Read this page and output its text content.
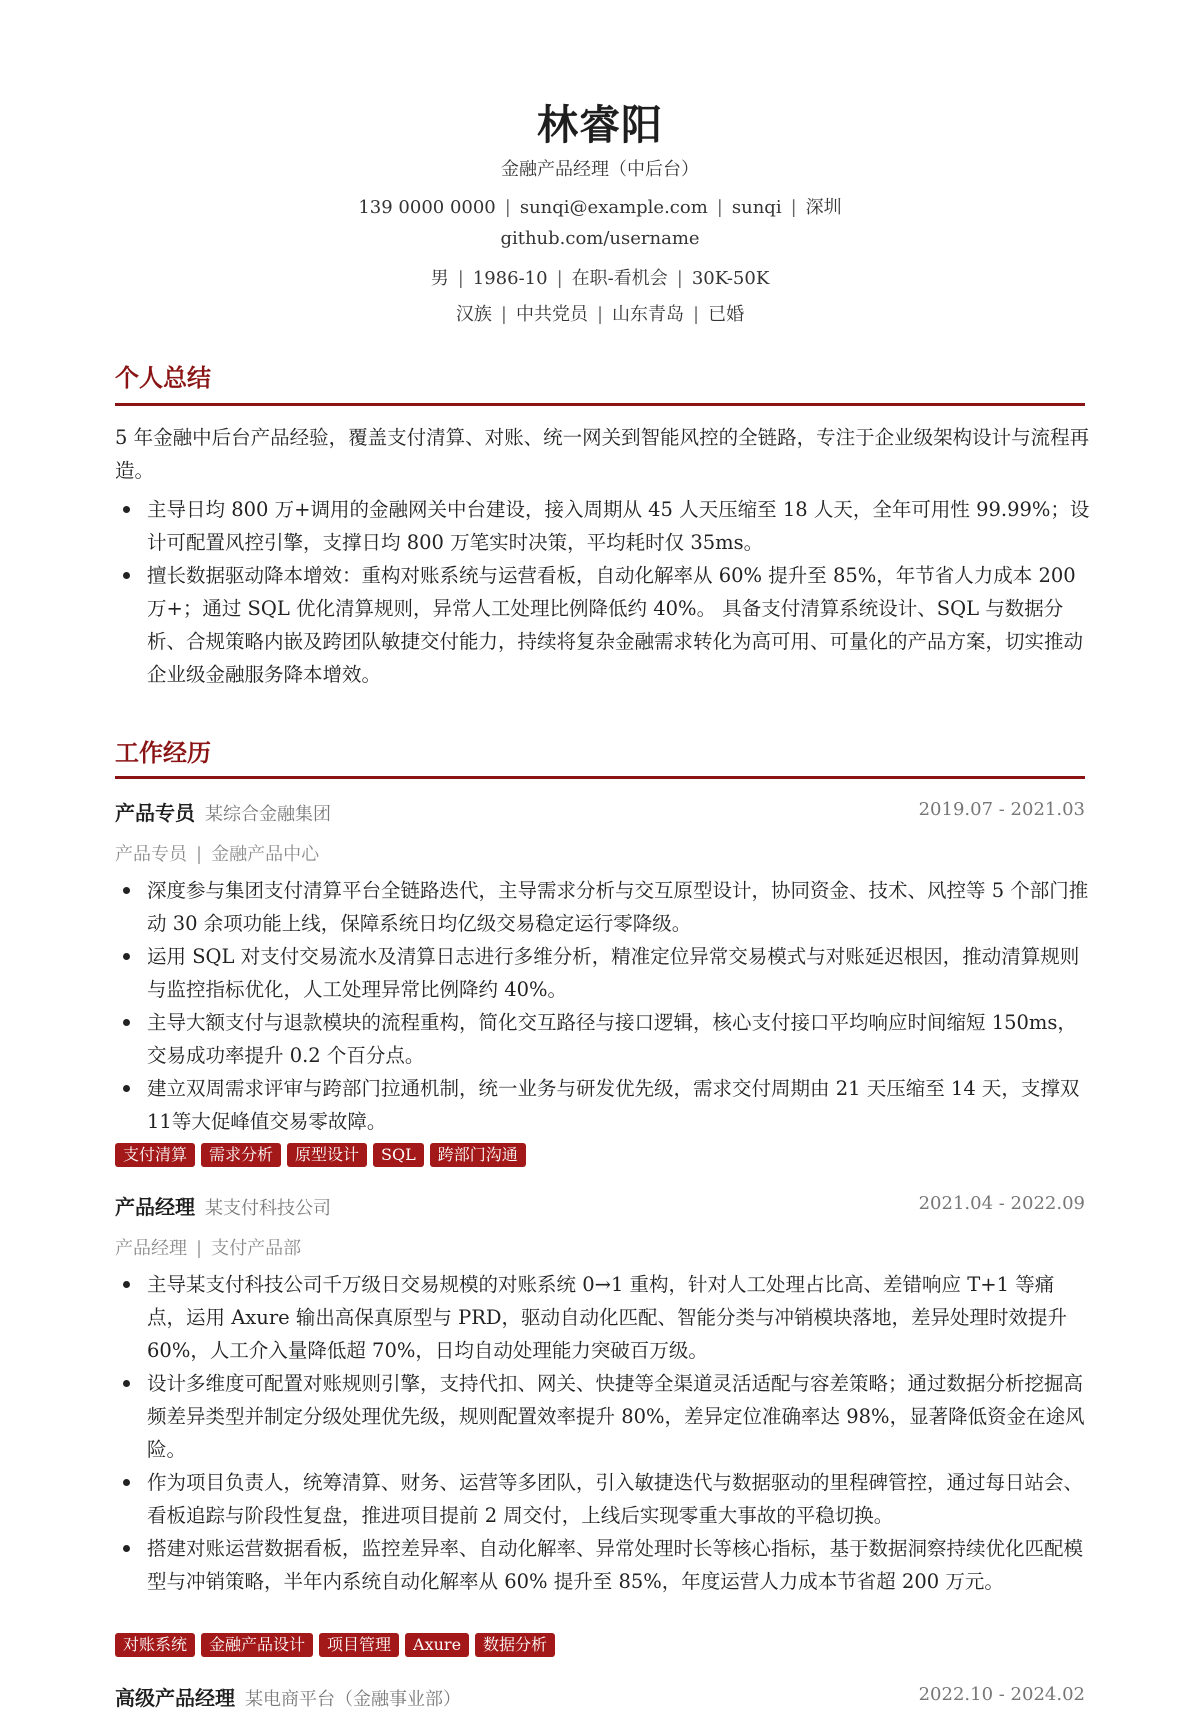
林睿阳
金融产品经理（中后台）
139 0000 0000 | sunqi@example.com | sunqi | 深圳
github.com/username
男 | 1986-10 | 在职-看机会 | 30K-50K
汉族 | 中共党员 | 山东青岛 | 已婚
个人总结
5 年金融中后台产品经验，覆盖支付清算、对账、统一网关到智能风控的全链路，专注于企业级架构设计与流程再造。
主导日均 800 万+调用的金融网关中台建设，接入周期从 45 人天压缩至 18 人天，全年可用性 99.99%；设计可配置风控引擎，支撑日均 800 万笔实时决策，平均耗时仅 35ms。
擅长数据驱动降本增效：重构对账系统与运营看板，自动化解率从 60% 提升至 85%，年节省人力成本 200 万+；通过 SQL 优化清算规则，异常人工处理比例降低约 40%。 具备支付清算系统设计、SQL 与数据分析、合规策略内嵌及跨团队敏捷交付能力，持续将复杂金融需求转化为高可用、可量化的产品方案，切实推动企业级金融服务降本增效。
工作经历
产品专员 某综合金融集团	2019.07 - 2021.03
产品专员 | 金融产品中心
深度参与集团支付清算平台全链路迭代，主导需求分析与交互原型设计，协同资金、技术、风控等 5 个部门推动 30 余项功能上线，保障系统日均亿级交易稳定运行零降级。
运用 SQL 对支付交易流水及清算日志进行多维分析，精准定位异常交易模式与对账延迟根因，推动清算规则与监控指标优化，人工处理异常比例降约 40%。
主导大额支付与退款模块的流程重构，简化交互路径与接口逻辑，核心支付接口平均响应时间缩短 150ms，交易成功率提升 0.2 个百分点。
建立双周需求评审与跨部门拉通机制，统一业务与研发优先级，需求交付周期由 21 天压缩至 14 天，支撑双11等大促峰值交易零故障。
支付清算	需求分析	原型设计	SQL	跨部门沟通
产品经理 某支付科技公司	2021.04 - 2022.09
产品经理 | 支付产品部
主导某支付科技公司千万级日交易规模的对账系统 0→1 重构，针对人工处理占比高、差错响应 T+1 等痛点，运用 Axure 输出高保真原型与 PRD，驱动自动化匹配、智能分类与冲销模块落地，差异处理时效提升 60%，人工介入量降低超 70%，日均自动处理能力突破百万级。
设计多维度可配置对账规则引擎，支持代扣、网关、快捷等全渠道灵活适配与容差策略；通过数据分析挖掘高频差异类型并制定分级处理优先级，规则配置效率提升 80%，差异定位准确率达 98%，显著降低资金在途风险。
作为项目负责人，统筹清算、财务、运营等多团队，引入敏捷迭代与数据驱动的里程碑管控，通过每日站会、看板追踪与阶段性复盘，推进项目提前 2 周交付，上线后实现零重大事故的平稳切换。
搭建对账运营数据看板，监控差异率、自动化解率、异常处理时长等核心指标，基于数据洞察持续优化匹配模型与冲销策略，半年内系统自动化解率从 60% 提升至 85%，年度运营人力成本节省超 200 万元。
对账系统	金融产品设计	项目管理	Axure	数据分析
高级产品经理 某电商平台（金融事业部）	2022.10 - 2024.02
